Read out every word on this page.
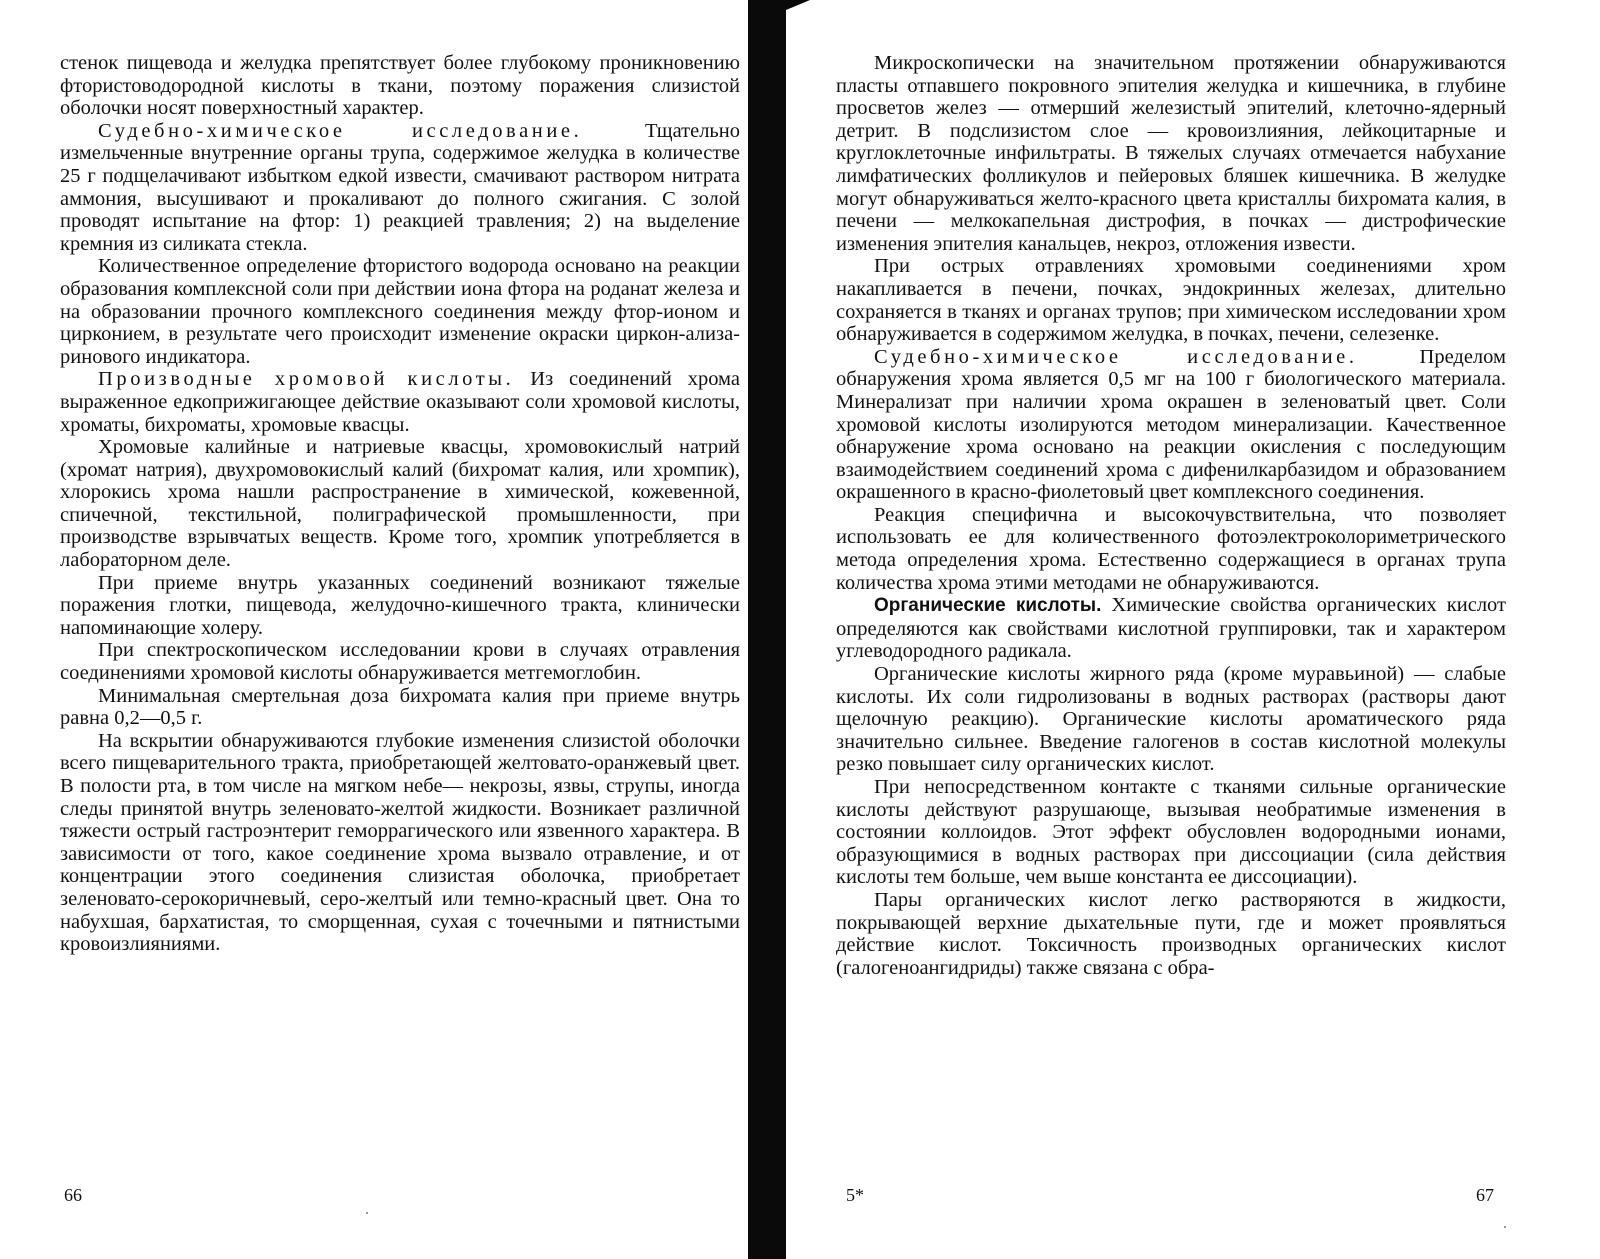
стенок пищевода и желудка препятствует более глубокому проникновению фтористоводородной кислоты в ткани, поэтому поражения слизистой оболочки носят поверхностный характер.

Судебно-химическое исследование. Тщательно измельченные внутренние органы трупа, содержимое желудка в количестве 25 г подщелачивают избытком едкой извести, смачивают раствором нитрата аммония, высушивают и прокаливают до полного сжигания. С золой проводят испытание на фтор: 1) реакцией травления; 2) на выделение кремния из силиката стекла.

Количественное определение фтористого водорода основано на реакции образования комплексной соли при действии иона фтора на роданат железа и на образовании прочного комплексного соединения между фтор-ионом и цирконием, в результате чего происходит изменение окраски циркон-ализаринового индикатора.

Производные хромовой кислоты. Из соединений хрома выраженное едкоприжигающее действие оказывают соли хромовой кислоты, хроматы, бихроматы, хромовые квасцы.

Хромовые калийные и натриевые квасцы, хромовокислый натрий (хромат натрия), двухромовокислый калий (бихромат калия, или хромпик), хлорокись хрома нашли распространение в химической, кожевенной, спичечной, текстильной, полиграфической промышленности, при производстве взрывчатых веществ. Кроме того, хромпик употребляется в лабораторном деле.

При приеме внутрь указанных соединений возникают тяжелые поражения глотки, пищевода, желудочно-кишечного тракта, клинически напоминающие холеру.

При спектроскопическом исследовании крови в случаях отравления соединениями хромовой кислоты обнаруживается метгемоглобин.

Минимальная смертельная доза бихромата калия при приеме внутрь равна 0,2—0,5 г.

На вскрытии обнаруживаются глубокие изменения слизистой оболочки всего пищеварительного тракта, приобретающей желтовато-оранжевый цвет. В полости рта, в том числе на мягком небе— некрозы, язвы, струпы, иногда следы принятой внутрь зеленовато-желтой жидкости. Возникает различной тяжести острый гастроэнтерит геморрагического или язвенного характера. В зависимости от того, какое соединение хрома вызвало отравление, и от концентрации этого соединения слизистая оболочка, приобретает зеленовато-серокоричневый, серо-желтый или темно-красный цвет. Она то набухшая, бархатистая, то сморщенная, сухая с точечными и пятнистыми кровоизлияниями.

66

Микроскопически на значительном протяжении обнаруживаются пласты отпавшего покровного эпителия желудка и кишечника, в глубине просветов желез — отмерший железистый эпителий, клеточно-ядерный детрит. В подслизистом слое — кровоизлияния, лейкоцитарные и круглоклеточные инфильтраты. В тяжелых случаях отмечается набухание лимфатических фолликулов и пейеровых бляшек кишечника. В желудке могут обнаруживаться желто-красного цвета кристаллы бихромата калия, в печени — мелкокапельная дистрофия, в почках — дистрофические изменения эпителия канальцев, некроз, отложения извести.

При острых отравлениях хромовыми соединениями хром накапливается в печени, почках, эндокринных железах, длительно сохраняется в тканях и органах трупов; при химическом исследовании хром обнаруживается в содержимом желудка, в почках, печени, селезенке.

Судебно-химическое исследование. Пределом обнаружения хрома является 0,5 мг на 100 г биологического материала. Минерализат при наличии хрома окрашен в зеленоватый цвет. Соли хромовой кислоты изолируются методом минерализации. Качественное обнаружение хрома основано на реакции окисления с последующим взаимодействием соединений хрома с дифенилкарбазидом и образованием окрашенного в красно-фиолетовый цвет комплексного соединения.

Реакция специфична и высокочувствительна, что позволяет использовать ее для количественного фотоэлектроколориметрического метода определения хрома. Естественно содержащиеся в органах трупа количества хрома этими методами не обнаруживаются.

Органические кислоты. Химические свойства органических кислот определяются как свойствами кислотной группировки, так и характером углеводородного радикала.

Органические кислоты жирного ряда (кроме муравьиной) — слабые кислоты. Их соли гидролизованы в водных растворах (растворы дают щелочную реакцию). Органические кислоты ароматического ряда значительно сильнее. Введение галогенов в состав кислотной молекулы резко повышает силу органических кислот.

При непосредственном контакте с тканями сильные органические кислоты действуют разрушающе, вызывая необратимые изменения в состоянии коллоидов. Этот эффект обусловлен водородными ионами, образующимися в водных растворах при диссоциации (сила действия кислоты тем больше, чем выше константа ее диссоциации).

Пары органических кислот легко растворяются в жидкости, покрывающей верхние дыхательные пути, где и может проявляться действие кислот. Токсичность производных органических кислот (галогеноангидриды) также связана с обра-

5*	67
